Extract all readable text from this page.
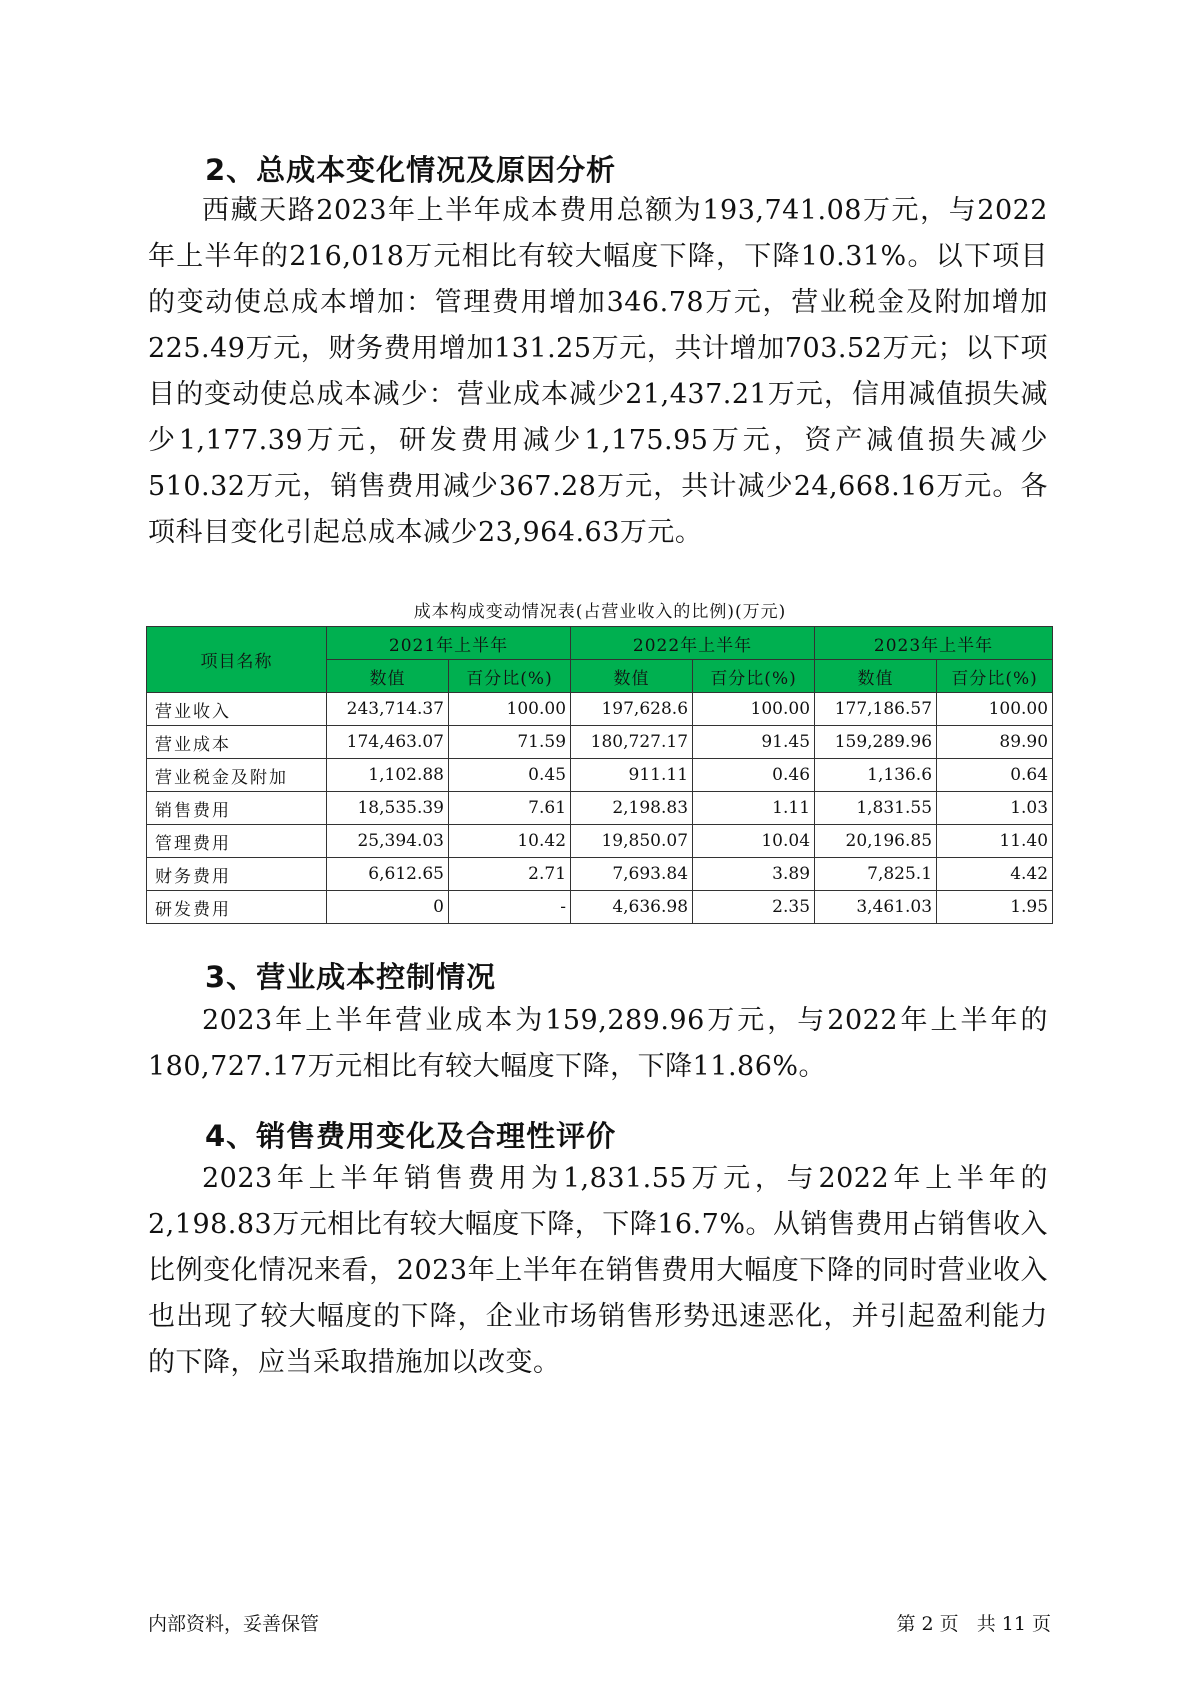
2、总成本变化情况及原因分析

西藏天路2023年上半年成本费用总额为193,741.08万元，与2022年上半年的216,018万元相比有较大幅度下降，下降10.31%。以下项目的变动使总成本增加：管理费用增加346.78万元，营业税金及附加增加225.49万元，财务费用增加131.25万元，共计增加703.52万元；以下项目的变动使总成本减少：营业成本减少21,437.21万元，信用减值损失减少1,177.39万元，研发费用减少1,175.95万元，资产减值损失减少510.32万元，销售费用减少367.28万元，共计减少24,668.16万元。各项科目变化引起总成本减少23,964.63万元。

成本构成变动情况表(占营业收入的比例)(万元)
项目名称	2021年上半年		2022年上半年		2023年上半年	
	数值	百分比(%)	数值	百分比(%)	数值	百分比(%)
营业收入	243,714.37	100.00	197,628.6	100.00	177,186.57	100.00
营业成本	174,463.07	71.59	180,727.17	91.45	159,289.96	89.90
营业税金及附加	1,102.88	0.45	911.11	0.46	1,136.6	0.64
销售费用	18,535.39	7.61	2,198.83	1.11	1,831.55	1.03
管理费用	25,394.03	10.42	19,850.07	10.04	20,196.85	11.40
财务费用	6,612.65	2.71	7,693.84	3.89	7,825.1	4.42
研发费用	0	-	4,636.98	2.35	3,461.03	1.95
3、营业成本控制情况

2023年上半年营业成本为159,289.96万元，与2022年上半年的180,727.17万元相比有较大幅度下降，下降11.86%。

4、销售费用变化及合理性评价

2023年上半年销售费用为1,831.55万元，与2022年上半年的2,198.83万元相比有较大幅度下降，下降16.7%。从销售费用占销售收入比例变化情况来看，2023年上半年在销售费用大幅度下降的同时营业收入也出现了较大幅度的下降，企业市场销售形势迅速恶化，并引起盈利能力的下降，应当采取措施加以改变。

内部资料，妥善保管	第 2 页   共 11 页
